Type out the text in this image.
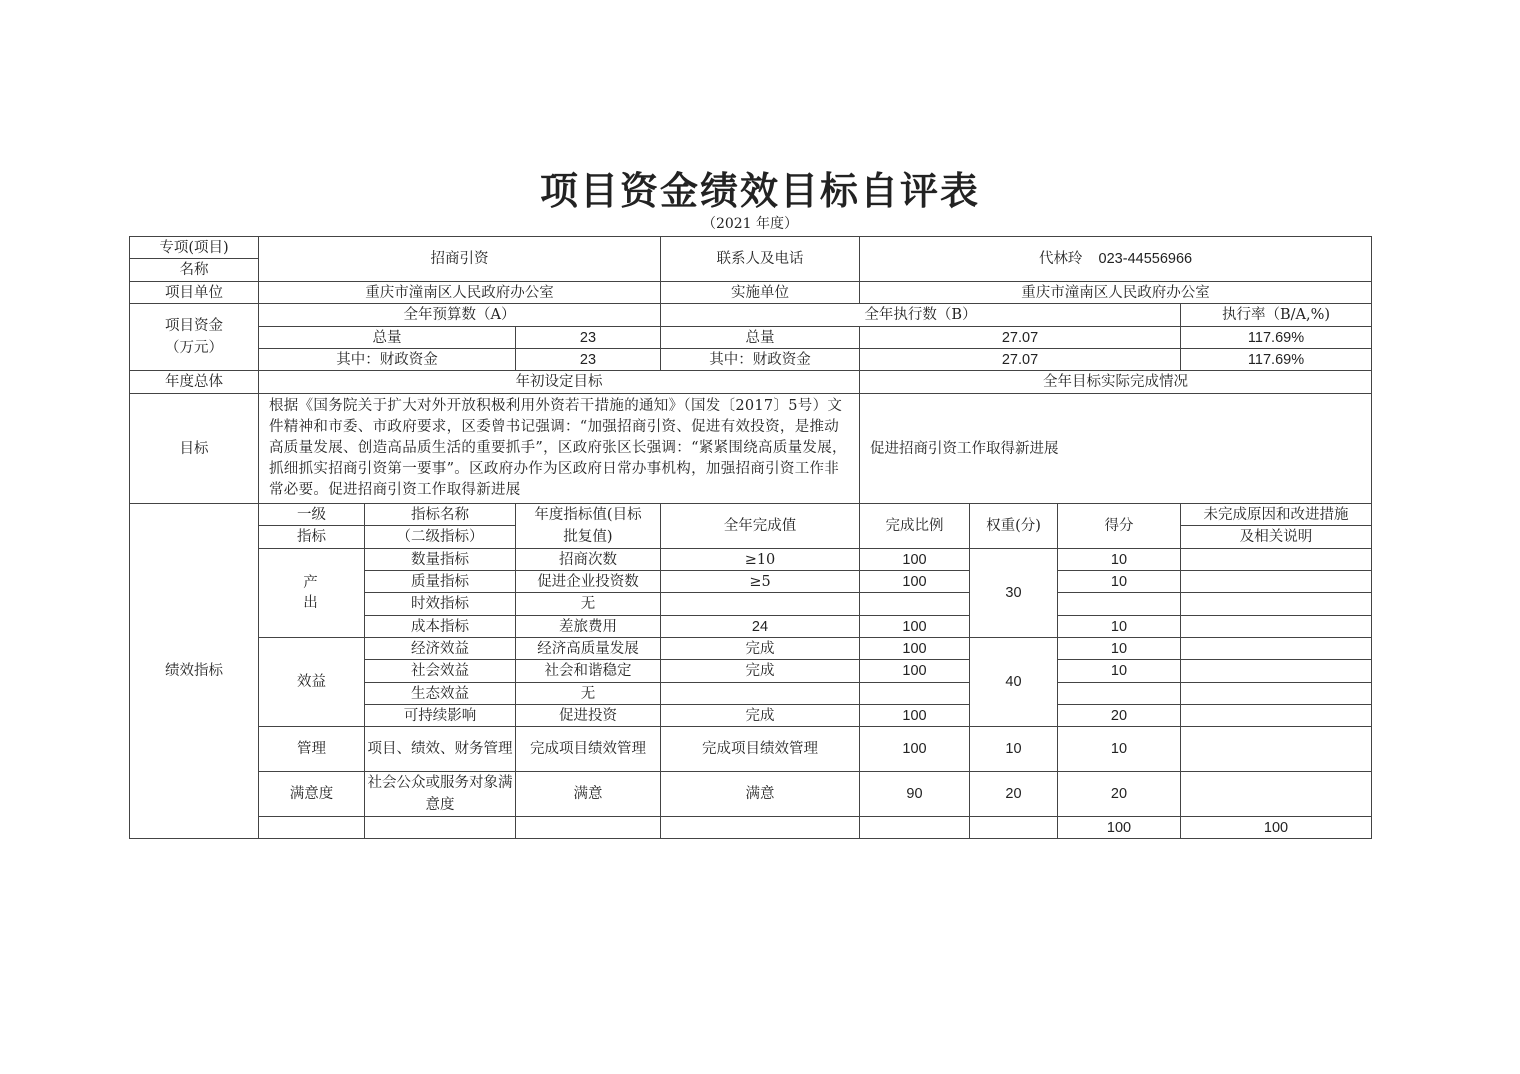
项目资金绩效目标自评表
（2021 年度）
专项(项目)	招商引资			联系人及电话	代林玲    023-44556966				
名称									
项目单位	重庆市潼南区人民政府办公室			实施单位	重庆市潼南区人民政府办公室				

项目资金
（万元）	全年预算数（A）			全年执行数（B）				执行率（B/A,%)	
	总量		23	总量	27.07			117.69%	
	其中：财政资金		23	其中：财政资金	27.07			117.69%	
年度总体	年初设定目标				全年目标实际完成情况				
目标	根据《国务院关于扩大对外开放积极利用外资若干措施的通知》（国发〔2017〕5号）文件精神和市委、市政府要求，区委曾书记强调：“加强招商引资、促进有效投资，是推动高质量发展、创造高品质生活的重要抓手”，区政府张区长强调：“紧紧围绕高质量发展，抓细抓实招商引资第一要事”。区政府办作为区政府日常办事机构，加强招商引资工作非常必要。促进招商引资工作取得新进展				促进招商引资工作取得新进展				
绩效指标	一级	指标名称	年度指标值(目标
批复值)	全年完成值	完成比例	权重(分)	得分	未完成原因和改进措施	
	指标	（二级指标）						及相关说明	
	产 出	数量指标	招商次数	≥10	100	30	10		
		质量指标	促进企业投资数	≥5	100		10		
		时效指标	无						
		成本指标	差旅费用	24	100		10		
	效益	经济效益	经济高质量发展	完成	100	40	10		
		社会效益	社会和谐稳定	完成	100		10		
		生态效益	无						
		可持续影响	促进投资	完成	100		20		
	管理	项目、绩效、财务管理	完成项目绩效管理	完成项目绩效管理	100	10	10		
	满意度	社会公众或服务对象满意度	满意	满意	90	20	20		
							100	100	
